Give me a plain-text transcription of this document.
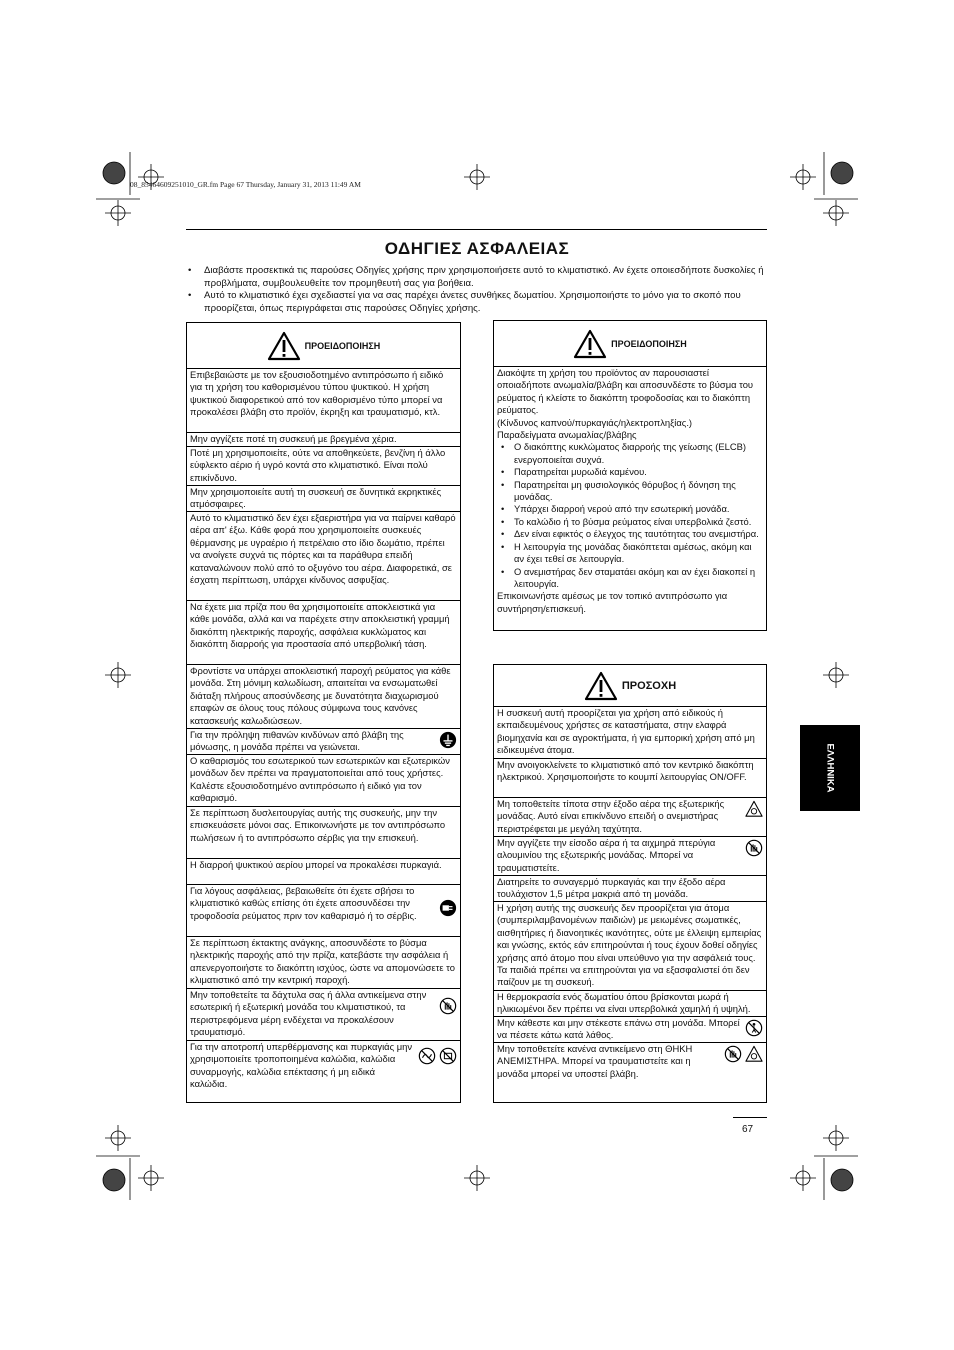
08_85464609251010_GR.fm Page 67 Thursday, January 31, 2013 11:49 AM
ΟΔΗΓΙΕΣ ΑΣΦΑΛΕΙΑΣ
• Διαβάστε προσεκτικά τις παρούσες Οδηγίες χρήσης πριν χρησιμοποιήσετε αυτό το κλιματιστικό. Αν έχετε οποιεσδήποτε δυσκολίες ή προβλήματα, συμβουλευθείτε τον προμηθευτή σας για βοήθεια.
• Αυτό το κλιματιστικό έχει σχεδιαστεί για να σας παρέχει άνετες συνθήκες δωματίου. Χρησιμοποιήστε το μόνο για το σκοπό που προορίζεται, όπως περιγράφεται στις παρούσες Οδηγίες χρήσης.
ΠΡΟΕΙΔΟΠΟΙΗΣΗ
Επιβεβαιώστε με τον εξουσιοδοτημένο αντιπρόσωπο ή ειδικό για τη χρήση του καθορισμένου τύπου ψυκτικού. Η χρήση ψυκτικού διαφορετικού από τον καθορισμένο τύπο μπορεί να προκαλέσει βλάβη στο προϊόν, έκρηξη και τραυματισμό, κτλ.
Μην αγγίζετε ποτέ τη συσκευή με βρεγμένα χέρια.
Ποτέ μη χρησιμοποιείτε, ούτε να αποθηκεύετε, βενζίνη ή άλλο εύφλεκτο αέριο ή υγρό κοντά στο κλιματιστικό. Είναι πολύ επικίνδυνο.
Μην χρησιμοποιείτε αυτή τη συσκευή σε δυνητικά εκρηκτικές ατμόσφαιρες.
Αυτό το κλιματιστικό δεν έχει εξαεριστήρα για να παίρνει καθαρό αέρα απ' έξω. Κάθε φορά που χρησιμοποιείτε συσκευές θέρμανσης με υγραέριο ή πετρέλαιο στο ίδιο δωμάτιο, πρέπει να ανοίγετε συχνά τις πόρτες και τα παράθυρα επειδή καταναλώνουν πολύ από το οξυγόνο του αέρα. Διαφορετικά, σε έσχατη περίπτωση, υπάρχει κίνδυνος ασφυξίας.
Να έχετε μια πρίζα που θα χρησιμοποιείτε αποκλειστικά για κάθε μονάδα, αλλά και να παρέχετε στην αποκλειστική γραμμή διακόπτη ηλεκτρικής παροχής, ασφάλεια κυκλώματος και διακόπτη διαρροής για προστασία από υπερβολική τάση.
Φροντίστε να υπάρχει αποκλειστική παροχή ρεύματος για κάθε μονάδα. Στη μόνιμη καλωδίωση, απαιτείται να ενσωματωθεί διάταξη πλήρους αποσύνδεσης με δυνατότητα διαχωρισμού επαφών σε όλους τους πόλους σύμφωνα τους κανόνες κατασκευής καλωδιώσεων.
Για την πρόληψη πιθανών κινδύνων από βλάβη της μόνωσης, η μονάδα πρέπει να γειώνεται.
Ο καθαρισμός του εσωτερικού των εσωτερικών και εξωτερικών μονάδων δεν πρέπει να πραγματοποιείται από τους χρήστες. Καλέστε εξουσιοδοτημένο αντιπρόσωπο ή ειδικό για τον καθαρισμό.
Σε περίπτωση δυσλειτουργίας αυτής της συσκευής, μην την επισκευάσετε μόνοι σας. Επικοινωνήστε με τον αντιπρόσωπο πωλήσεων ή το αντιπρόσωπο σέρβις για την επισκευή.
Η διαρροή ψυκτικού αερίου μπορεί να προκαλέσει πυρκαγιά.
Για λόγους ασφάλειας, βεβαιωθείτε ότι έχετε σβήσει το κλιματιστικό καθώς επίσης ότι έχετε αποσυνδέσει την τροφοδοσία ρεύματος πριν τον καθαρισμό ή το σέρβις.
Σε περίπτωση έκτακτης ανάγκης, αποσυνδέστε το βύσμα ηλεκτρικής παροχής από την πρίζα, κατεβάστε την ασφάλεια ή απενεργοποιήστε το διακόπτη ισχύος, ώστε να απομονώσετε το κλιματιστικό από την κεντρική παροχή.
Μην τοποθετείτε τα δάχτυλα σας ή άλλα αντικείμενα στην εσωτερική ή εξωτερική μονάδα του κλιματιστικού, τα περιστρεφόμενα μέρη ενδέχεται να προκαλέσουν τραυματισμό.
Για την αποτροπή υπερθέρμανσης και πυρκαγιάς μην χρησιμοποιείτε τροποποιημένα καλώδια, καλώδια συναρμογής, καλώδια επέκτασης ή μη ειδικά καλώδια.
ΠΡΟΕΙΔΟΠΟΙΗΣΗ
Διακόψτε τη χρήση του προϊόντος αν παρουσιαστεί οποιαδήποτε ανωμαλία/βλάβη και αποσυνδέστε το βύσμα του ρεύματος ή κλείστε το διακόπτη τροφοδοσίας και το διακόπτη ρεύματος.
(Κίνδυνος καπνού/πυρκαγιάς/ηλεκτροπληξίας.)
Παραδείγματα ανωμαλίας/βλάβης
• Ο διακόπτης κυκλώματος διαρροής της γείωσης (ELCB) ενεργοποιείται συχνά.
• Παρατηρείται μυρωδιά καμένου.
• Παρατηρείται μη φυσιολογικός θόρυβος ή δόνηση της μονάδας.
• Υπάρχει διαρροή νερού από την εσωτερική μονάδα.
• Το καλώδιο ή το βύσμα ρεύματος είναι υπερβολικά ζεστό.
• Δεν είναι εφικτός ο έλεγχος της ταυτότητας του ανεμιστήρα.
• Η λειτουργία της μονάδας διακόπτεται αμέσως, ακόμη και αν έχει τεθεί σε λειτουργία.
• Ο ανεμιστήρας δεν σταματάει ακόμη και αν έχει διακοπεί η λειτουργία.
Επικοινωνήστε αμέσως με τον τοπικό αντιπρόσωπο για συντήρηση/επισκευή.
ΠΡΟΣΟΧΗ
Η συσκευή αυτή προορίζεται για χρήση από ειδικούς ή εκπαιδευμένους χρήστες σε καταστήματα, στην ελαφρά βιομηχανία και σε αγροκτήματα, ή για εμπορική χρήση από μη ειδικευμένα άτομα.
Μην ανοιγοκλείνετε το κλιματιστικό από τον κεντρικό διακόπτη ηλεκτρικού. Χρησιμοποιήστε το κουμπί λειτουργίας ON/OFF.
Μη τοποθετείτε τίποτα στην έξοδο αέρα της εξωτερικής μονάδας. Αυτό είναι επικίνδυνο επειδή ο ανεμιστήρας περιστρέφεται με μεγάλη ταχύτητα.
Μην αγγίζετε την είσοδο αέρα ή τα αιχμηρά πτερύγια αλουμινίου της εξωτερικής μονάδας. Μπορεί να τραυματιστείτε.
Διατηρείτε το συναγερμό πυρκαγιάς και την έξοδο αέρα τουλάχιστον 1,5 μέτρα μακριά από τη μονάδα.
Η χρήση αυτής της συσκευής δεν προορίζεται για άτομα (συμπεριλαμβανομένων παιδιών) με μειωμένες σωματικές, αισθητήριες ή διανοητικές ικανότητες, ούτε με έλλειψη εμπειρίας και γνώσης, εκτός εάν επιτηρούνται ή τους έχουν δοθεί οδηγίες χρήσης από άτομο που είναι υπεύθυνο για την ασφάλειά τους. Τα παιδιά πρέπει να επιτηρούνται για να εξασφαλιστεί ότι δεν παίζουν με τη συσκευή.
Η θερμοκρασία ενός δωματίου όπου βρίσκονται μωρά ή ηλικιωμένοι δεν πρέπει να είναι υπερβολικά χαμηλή ή υψηλή.
Μην κάθεστε και μην στέκεστε επάνω στη μονάδα. Μπορεί να πέσετε κάτω κατά λάθος.
Μην τοποθετείτε κανένα αντικείμενο στη ΘΗΚΗ ΑΝΕΜΙΣΤΗΡΑ. Μπορεί να τραυματιστείτε και η μονάδα μπορεί να υποστεί βλάβη.
ΕΛΛΗΝΙΚΑ
67
